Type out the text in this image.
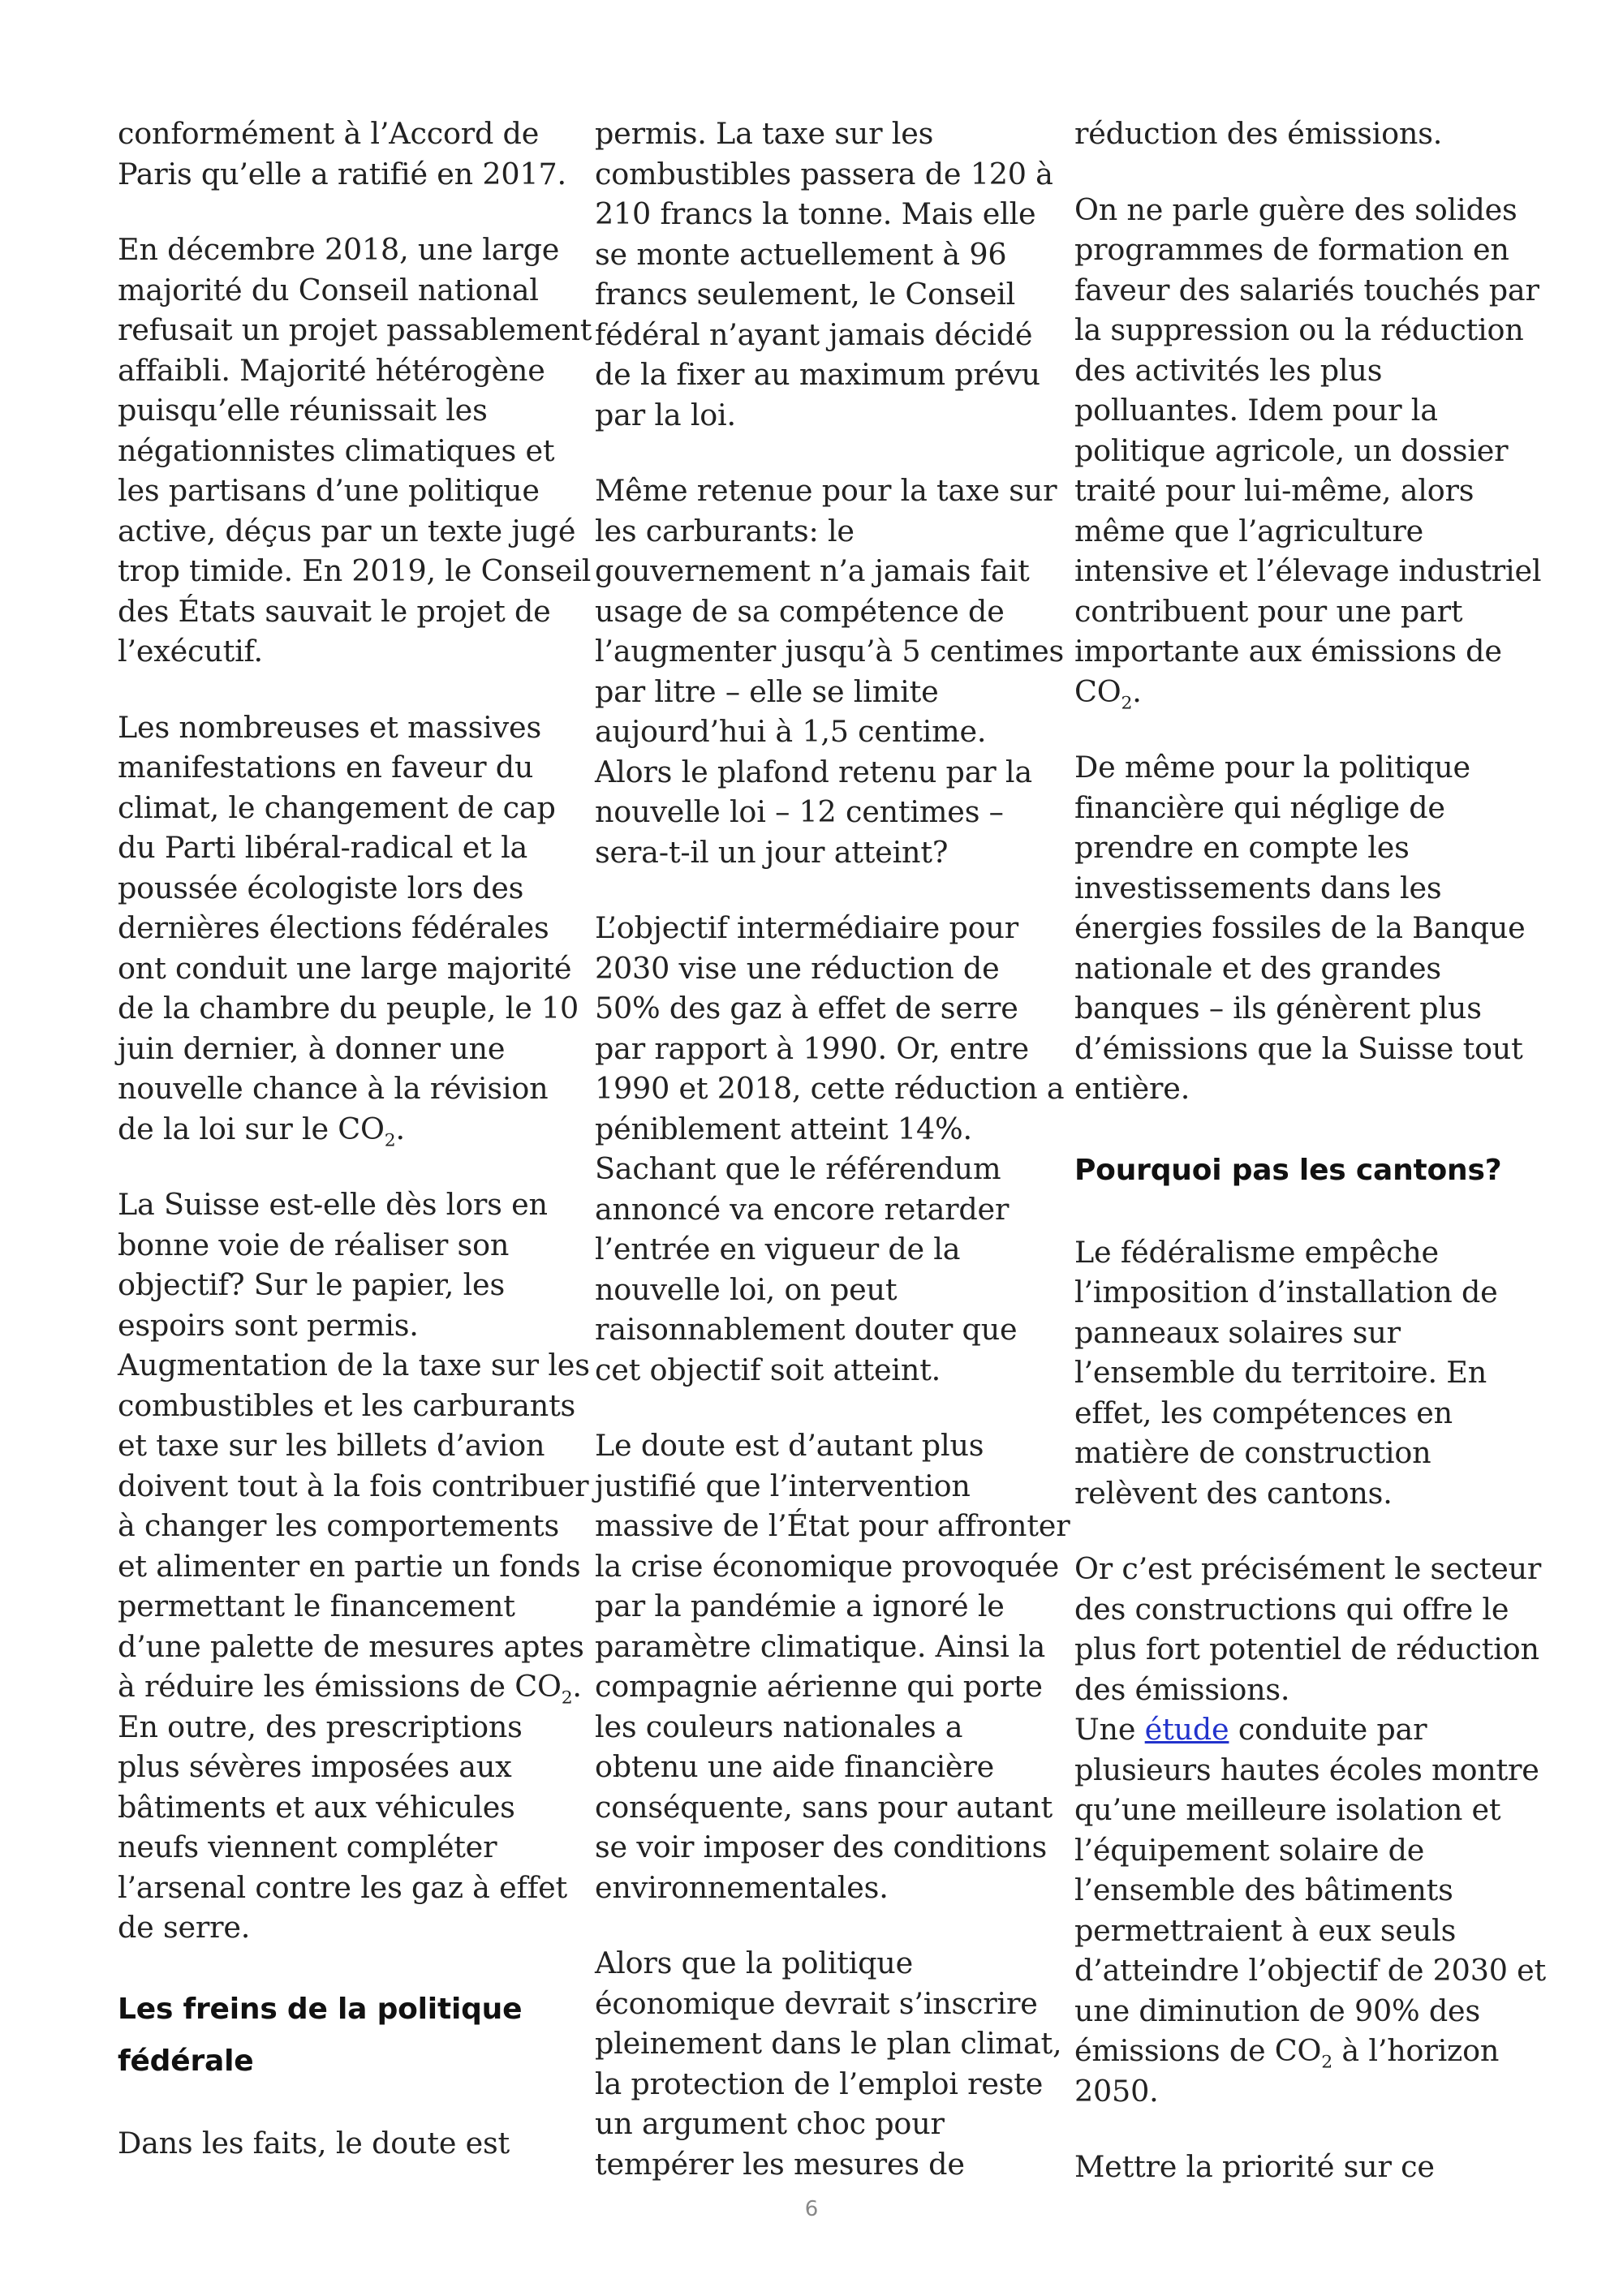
conformément à l’Accord de
Paris qu’elle a ratifié en 2017.
En décembre 2018, une large
majorité du Conseil national
refusait un projet passablement
affaibli. Majorité hétérogène
puisqu’elle réunissait les
négationnistes climatiques et
les partisans d’une politique
active, déçus par un texte jugé
trop timide. En 2019, le Conseil
des États sauvait le projet de
l’exécutif.
Les nombreuses et massives
manifestations en faveur du
climat, le changement de cap
du Parti libéral-radical et la
poussée écologiste lors des
dernières élections fédérales
ont conduit une large majorité
de la chambre du peuple, le 10
juin dernier, à donner une
nouvelle chance à la révision
de la loi sur le $CO_2$.
La Suisse est-elle dès lors en
bonne voie de réaliser son
objectif? Sur le papier, les
espoirs sont permis.
Augmentation de la taxe sur les
combustibles et les carburants
et taxe sur les billets d’avion
doivent tout à la fois contribuer
à changer les comportements
et alimenter en partie un fonds
permettant le financement
d’une palette de mesures aptes
à réduire les émissions de $CO_2$.
En outre, des prescriptions
plus sévères imposées aux
bâtiments et aux véhicules
neufs viennent compléter
l’arsenal contre les gaz à effet
de serre.
Les freins de la politique
fédérale
Dans les faits, le doute est
permis. La taxe sur les
combustibles passera de 120 à
210 francs la tonne. Mais elle
se monte actuellement à 96
francs seulement, le Conseil
fédéral n’ayant jamais décidé
de la fixer au maximum prévu
par la loi.
Même retenue pour la taxe sur
les carburants: le
gouvernement n’a jamais fait
usage de sa compétence de
l’augmenter jusqu’à 5 centimes
par litre – elle se limite
aujourd’hui à 1,5 centime.
Alors le plafond retenu par la
nouvelle loi – 12 centimes –
sera-t-il un jour atteint?
L’objectif intermédiaire pour
2030 vise une réduction de
50% des gaz à effet de serre
par rapport à 1990. Or, entre
1990 et 2018, cette réduction a
péniblement atteint 14%.
Sachant que le référendum
annoncé va encore retarder
l’entrée en vigueur de la
nouvelle loi, on peut
raisonnablement douter que
cet objectif soit atteint.
Le doute est d’autant plus
justifié que l’intervention
massive de l’État pour affronter
la crise économique provoquée
par la pandémie a ignoré le
paramètre climatique. Ainsi la
compagnie aérienne qui porte
les couleurs nationales a
obtenu une aide financière
conséquente, sans pour autant
se voir imposer des conditions
environnementales.
Alors que la politique
économique devrait s’inscrire
pleinement dans le plan climat,
la protection de l’emploi reste
un argument choc pour
tempérer les mesures de
réduction des émissions.
On ne parle guère des solides
programmes de formation en
faveur des salariés touchés par
la suppression ou la réduction
des activités les plus
polluantes. Idem pour la
politique agricole, un dossier
traité pour lui-même, alors
même que l’agriculture
intensive et l’élevage industriel
contribuent pour une part
importante aux émissions de
$CO_2$.
De même pour la politique
financière qui néglige de
prendre en compte les
investissements dans les
énergies fossiles de la Banque
nationale et des grandes
banques – ils génèrent plus
d’émissions que la Suisse tout
entière.
Pourquoi pas les cantons?
Le fédéralisme empêche
l’imposition d’installation de
panneaux solaires sur
l’ensemble du territoire. En
effet, les compétences en
matière de construction
relèvent des cantons.
Or c’est précisément le secteur
des constructions qui offre le
plus fort potentiel de réduction
des émissions.
Une étude conduite par
plusieurs hautes écoles montre
qu’une meilleure isolation et
l’équipement solaire de
l’ensemble des bâtiments
permettraient à eux seuls
d’atteindre l’objectif de 2030 et
une diminution de 90% des
émissions de $CO_2$ à l’horizon
2050.
Mettre la priorité sur ce
6
